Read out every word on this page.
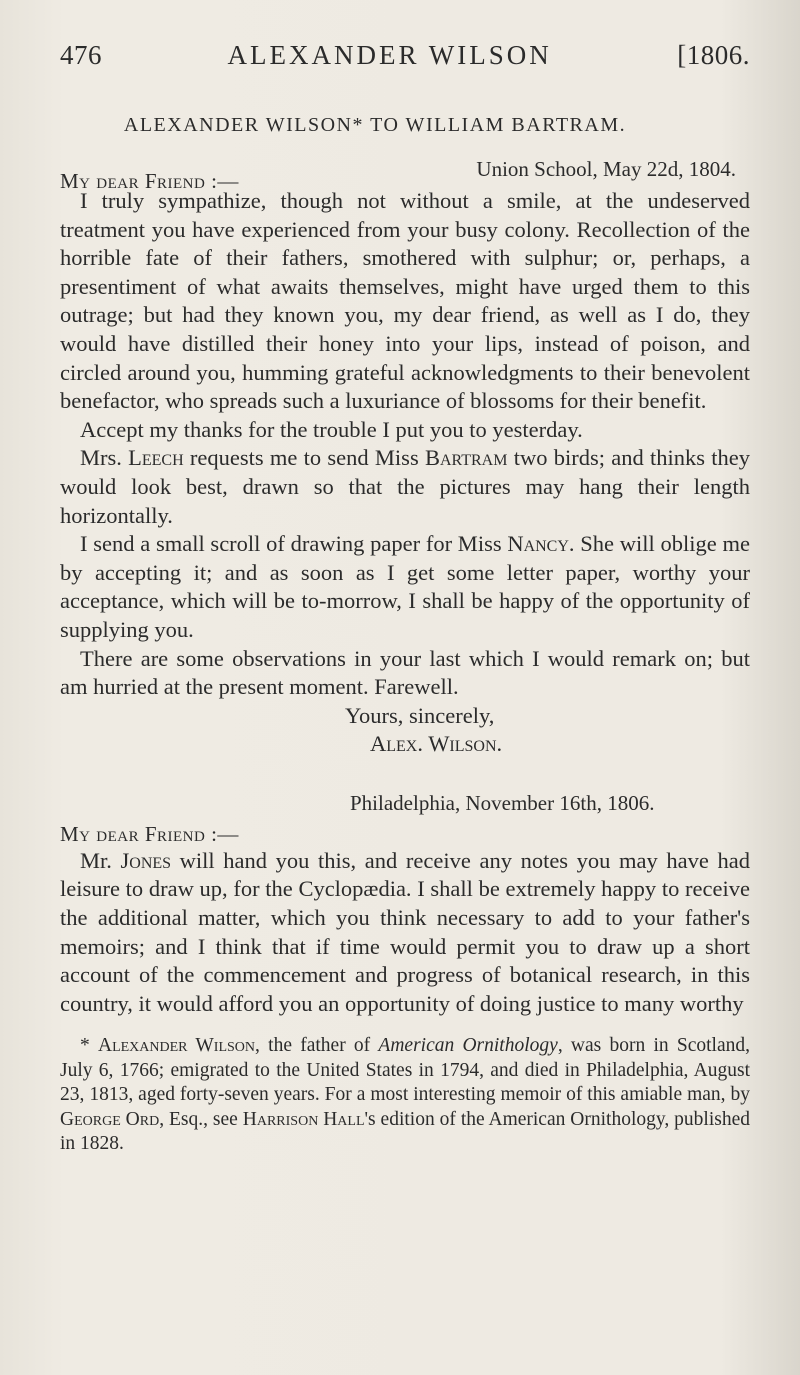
476	ALEXANDER WILSON	[1806.
ALEXANDER WILSON* TO WILLIAM BARTRAM.
Union School, May 22d, 1804.
My dear Friend :—

I truly sympathize, though not without a smile, at the undeserved treatment you have experienced from your busy colony. Recollection of the horrible fate of their fathers, smothered with sulphur; or, perhaps, a presentiment of what awaits themselves, might have urged them to this outrage; but had they known you, my dear friend, as well as I do, they would have distilled their honey into your lips, instead of poison, and circled around you, humming grateful acknowledgments to their benevolent benefactor, who spreads such a luxuriance of blossoms for their benefit.

Accept my thanks for the trouble I put you to yesterday.

Mrs. Leech requests me to send Miss Bartram two birds; and thinks they would look best, drawn so that the pictures may hang their length horizontally.

I send a small scroll of drawing paper for Miss Nancy. She will oblige me by accepting it; and as soon as I get some letter paper, worthy your acceptance, which will be to-morrow, I shall be happy of the opportunity of supplying you.

There are some observations in your last which I would remark on; but am hurried at the present moment. Farewell.

Yours, sincerely,
Alex. Wilson.
Philadelphia, November 16th, 1806.
My dear Friend :—

Mr. Jones will hand you this, and receive any notes you may have had leisure to draw up, for the Cyclopædia. I shall be extremely happy to receive the additional matter, which you think necessary to add to your father's memoirs; and I think that if time would permit you to draw up a short account of the commencement and progress of botanical research, in this country, it would afford you an opportunity of doing justice to many worthy

* Alexander Wilson, the father of American Ornithology, was born in Scotland, July 6, 1766; emigrated to the United States in 1794, and died in Philadelphia, August 23, 1813, aged forty-seven years. For a most interesting memoir of this amiable man, by George Ord, Esq., see Harrison Hall's edition of the American Ornithology, published in 1828.
